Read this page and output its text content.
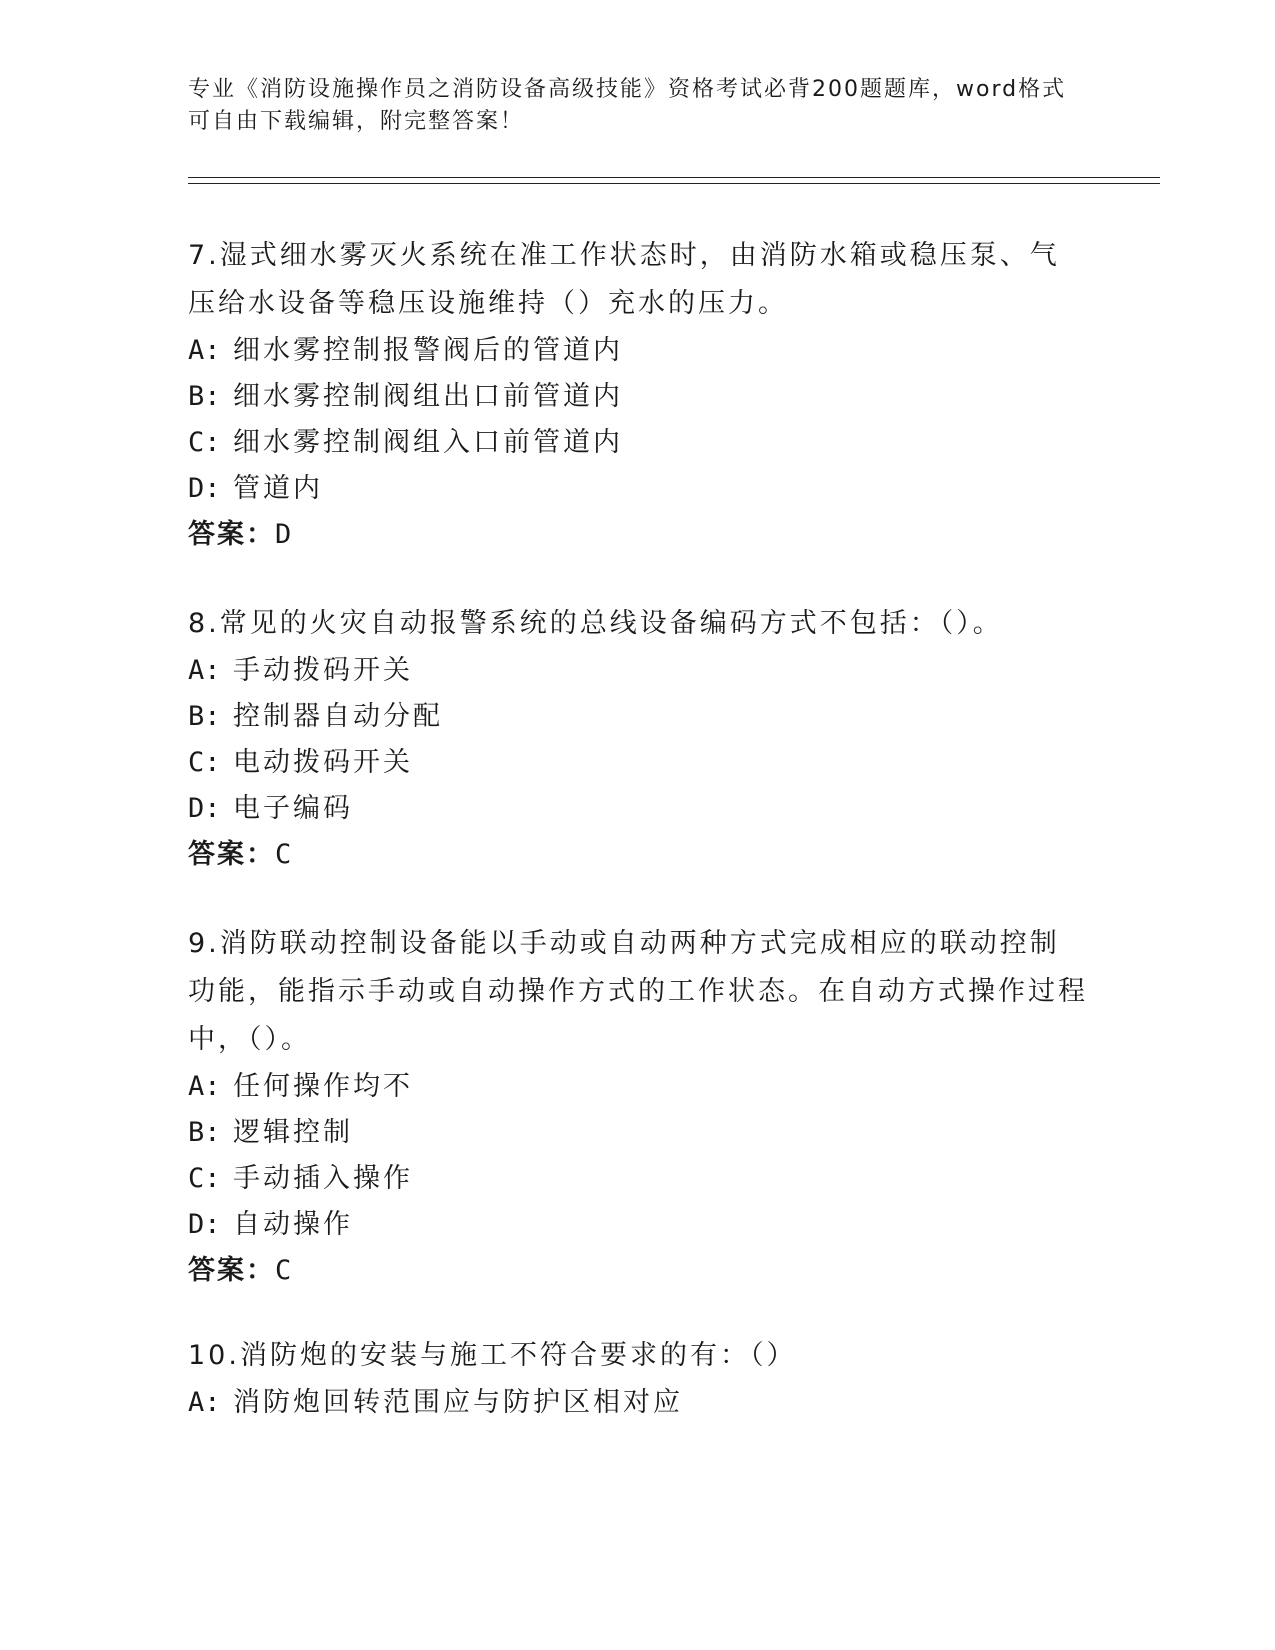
专业《消防设施操作员之消防设备高级技能》资格考试必背200题题库，word格式可自由下载编辑，附完整答案！
7.湿式细水雾灭火系统在准工作状态时，由消防水箱或稳压泵、气压给水设备等稳压设施维持（）充水的压力。
A: 细水雾控制报警阀后的管道内
B: 细水雾控制阀组出口前管道内
C: 细水雾控制阀组入口前管道内
D: 管道内
答案：D
8.常见的火灾自动报警系统的总线设备编码方式不包括：（）。
A: 手动拨码开关
B: 控制器自动分配
C: 电动拨码开关
D: 电子编码
答案：C
9.消防联动控制设备能以手动或自动两种方式完成相应的联动控制功能，能指示手动或自动操作方式的工作状态。在自动方式操作过程中，（）。
A: 任何操作均不
B: 逻辑控制
C: 手动插入操作
D: 自动操作
答案：C
10.消防炮的安装与施工不符合要求的有：（）
A: 消防炮回转范围应与防护区相对应
